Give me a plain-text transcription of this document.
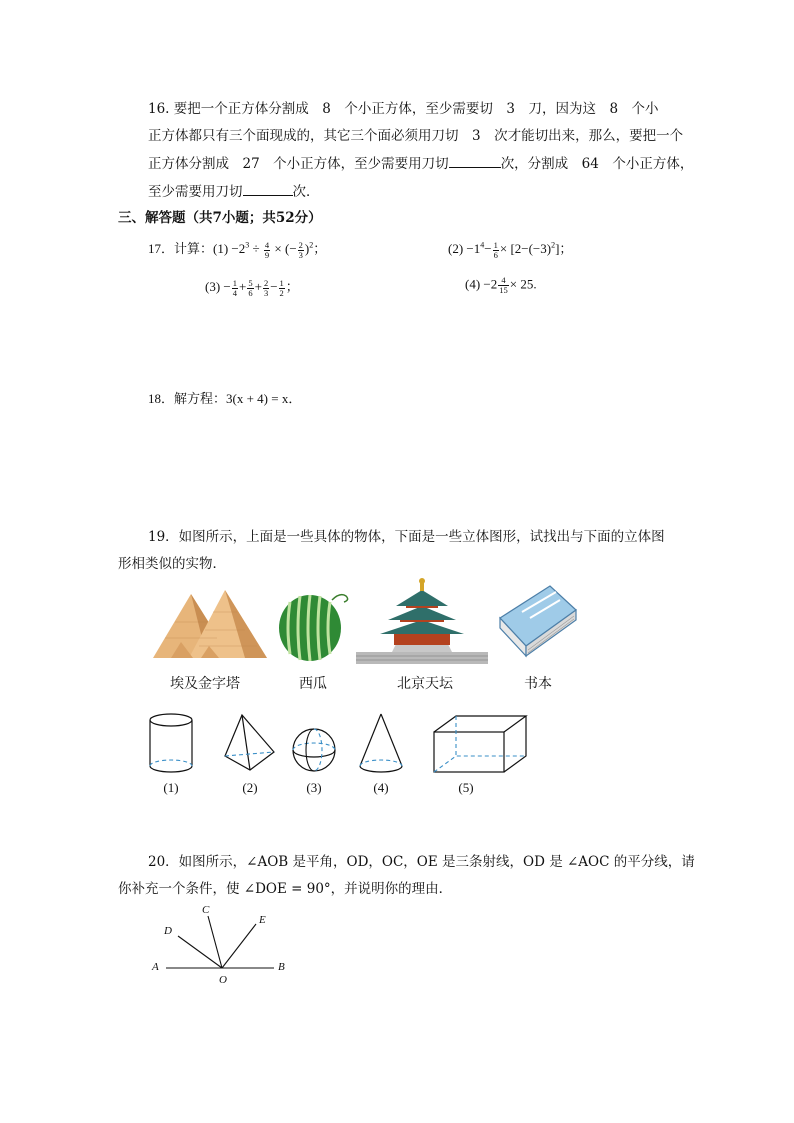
16. 要把一个正方体分割成　8　个小正方体，至少需要切　3　刀，因为这　8　个小
正方体都只有三个面现成的，其它三个面必须用刀切　3　次才能切出来，那么，要把一个
正方体分割成　27　个小正方体，至少需要用刀切	次，分割成　64　个小正方体，
至少需要用刀切	次．
三、解答题（共7小题；共52分）
17．计算：$(1) -2^3 \div \frac{4}{9}$ × (− $\frac{2}{3} )^2$；	$(2) -1^4- \frac{1}{6} \times [2-(-3)^2]$；
$(3) - \frac{1}{4} + \frac{5}{6} + \frac{2}{3} - \frac{1}{2}$ ；	$(4) -2 \frac{4}{15} \times 25$.
18．解方程：3(x + 4) = x．
19．如图所示，上面是一些具体的物体，下面是一些立体图形，试找出与下面的立体图
形相类似的实物．
埃及金字塔	西瓜	北京天坛	书本
(1)	(2)	(3)	(4)	(5)
20．如图所示，∠AOB 是平角，OD，OC，OE 是三条射线，OD 是 ∠AOC 的平分线，请
你补充一个条件，使 ∠DOE = 90°，并说明你的理由．
A	B
C
D
E
O
